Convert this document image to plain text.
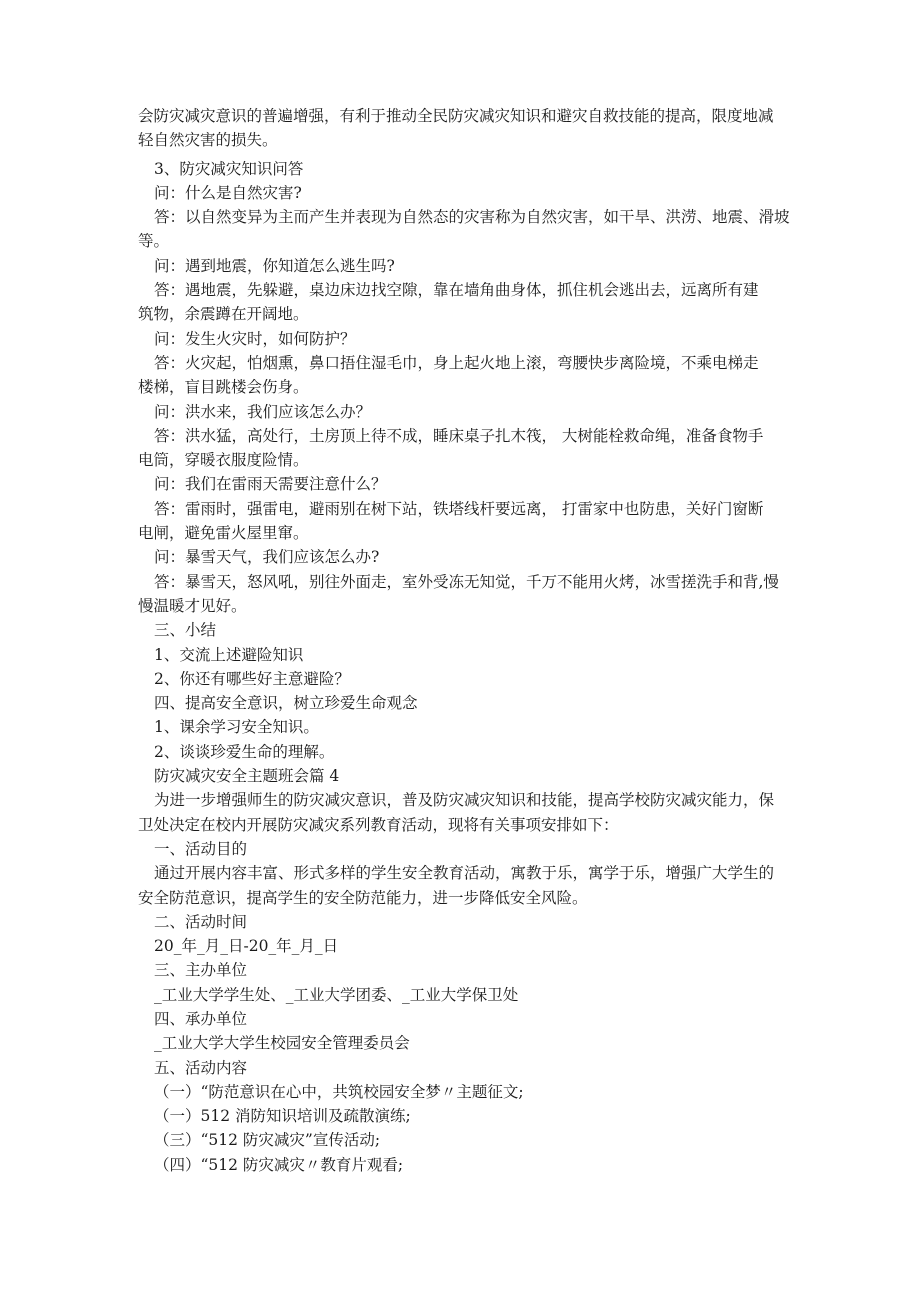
会防灾减灾意识的普遍增强，有利于推动全民防灾减灾知识和避灾自救技能的提高，限度地减
轻自然灾害的损失。
3、防灾减灾知识问答
问：什么是自然灾害?
答：以自然变异为主而产生并表现为自然态的灾害称为自然灾害，如干旱、洪涝、地震、滑坡
等。
问：遇到地震，你知道怎么逃生吗?
答：遇地震，先躲避，桌边床边找空隙，靠在墙角曲身体，抓住机会逃出去，远离所有建
筑物，余震蹲在开阔地。
问：发生火灾时，如何防护？
答：火灾起，怕烟熏，鼻口捂住湿毛巾，身上起火地上滚，弯腰快步离险境，不乘电梯走
楼梯，盲目跳楼会伤身。
问：洪水来，我们应该怎么办？
答：洪水猛，高处行，土房顶上待不成，睡床桌子扎木筏， 大树能栓救命绳，准备食物手
电筒，穿暖衣服度险情。
问：我们在雷雨天需要注意什么？
答：雷雨时，强雷电，避雨别在树下站，铁塔线杆要远离， 打雷家中也防患，关好门窗断
电闸，避免雷火屋里窜。
问：暴雪天气，我们应该怎么办?
答：暴雪天，怒风吼，别往外面走，室外受冻无知觉，千万不能用火烤，冰雪搓洗手和背,慢
慢温暖才见好。
三、小结
1、交流上述避险知识
2、你还有哪些好主意避险？
四、提高安全意识，树立珍爱生命观念
1、课余学习安全知识。
2、谈谈珍爱生命的理解。
防灾减灾安全主题班会篇 4
为进一步增强师生的防灾减灾意识，普及防灾减灾知识和技能，提高学校防灾减灾能力，保
卫处决定在校内开展防灾减灾系列教育活动，现将有关事项安排如下：
一、活动目的
通过开展内容丰富、形式多样的学生安全教育活动，寓教于乐，寓学于乐，增强广大学生的
安全防范意识，提高学生的安全防范能力，进一步降低安全风险。
二、活动时间
20_年_月_日-20_年_月_日
三、主办单位
_工业大学学生处、_工业大学团委、_工业大学保卫处
四、承办单位
_工业大学大学生校园安全管理委员会
五、活动内容
（一）“防范意识在心中，共筑校园安全梦〃主题征文;
（一）512 消防知识培训及疏散演练;
（三）“512 防灾减灾”宣传活动;
（四）“512 防灾减灾〃教育片观看;
